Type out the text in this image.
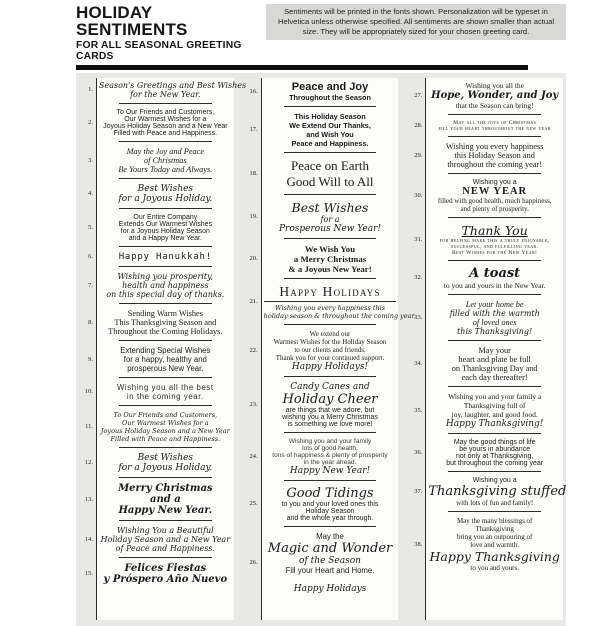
HOLIDAY SENTIMENTS
FOR ALL SEASONAL GREETING CARDS
Sentiments will be printed in the fonts shown. Personalization will be typeset in Helvetica unless otherwise specified. All sentiments are shown smaller than actual size. They will be appropriately sized for your chosen greeting card.
1. Season's Greetings and Best Wishes
for the New Year.
2.
To Our Friends and Customers,
Our Warmest Wishes for a
Joyous Holiday Season and a New Year
Filled with Peace and Happiness.
3.
May the Joy and Peace
of Christmas
Be Yours Today and Always.
4.	Best Wishes
for a Joyous Holiday.
5.
Our Entire Company
Extends Our Warmest Wishes
for a Joyous Holiday Season
and a Happy New Year.
6.	Happy Hanukkah!
7.
Wishing you prosperity,
health and happiness
on this special day of thanks.
8.
Sending Warm Wishes
This Thanksgiving Season and
Throughout the Coming Holidays.
9.
Extending Special Wishes
for a happy, healthy and
prosperous New Year.
10.	Wishing you all the best
in the coming year.
11.
To Our Friends and Customers,
Our Warmest Wishes for a
Joyous Holiday Season and a New Year
Filled with Peace and Happiness.
12.	Best Wishes
for a Joyous Holiday.
13.
Merry Christmas
and a
Happy New Year.
14.
Wishing You a Beautiful
Holiday Season and a New Year
of Peace and Happiness.
15.	Felices Fiestas
y Próspero Año Nuevo
16.	Peace and Joy
Throughout the Season
17.
This Holiday Season
We Extend Our Thanks,
and Wish You
Peace and Happiness.
18.
Peace on Earth
Good Will to All
19.
Best Wishes
for a
Prosperous New Year!
20.
We Wish You
a Merry Christmas
& a Joyous New Year!
21.
Happy Holidays
Wishing you every happiness this
holiday season & throughout the coming year.
22.
We extend our
Warmest Wishes for the Holiday Season
to our clients and friends.
Thank you for your continued support.
Happy Holidays!
23.
Candy Canes and
Holiday Cheer
are things that we adore, but
wishing you a Merry Christmas
is something we love more!
24.
Wishing you and your family
lots of good health,
tons of happiness & plenty of prosperity
in the year ahead.
Happy New Year!
25.
Good Tidings
to you and your loved ones this
Holiday Season
and the whole year through.
26.
May the
Magic and Wonder
of the Season
Fill your Heart and Home.
Happy Holidays
27.
Wishing you all the
Hope, Wonder, and Joy
that the Season can bring!
28.	May all the joys of Christmas
fill your heart throughout the new year
29.
Wishing you every happiness
this Holiday Season and
throughout the coming year!
30.
Wishing you a
NEW YEAR
filled with good health, much happiness,
and plenty of prosperity.
31.
Thank You
for helping make this a truly enjoyable,
successful, and fulfilling year.
Best Wishes for the New Year!
32.	A toast
to you and yours in the New Year.
33.
Let your home be
filled with the warmth
of loved ones
this Thanksgiving!
34.
May your
heart and plate be full
on Thanksgiving Day and
each day thereafter!
35.
Wishing you and your family a
Thanksgiving full of
joy, laughter, and good food.
Happy Thanksgiving!
36.
May the good things of life
be yours in abundance
not only at Thanksgiving,
but throughout the coming year
37.
Wishing you a
Thanksgiving stuffed
with lots of fun and family!
38.
May the many blessings of
Thanksgiving
bring you an outpouring of
love and warmth.
Happy Thanksgiving
to you and yours.
